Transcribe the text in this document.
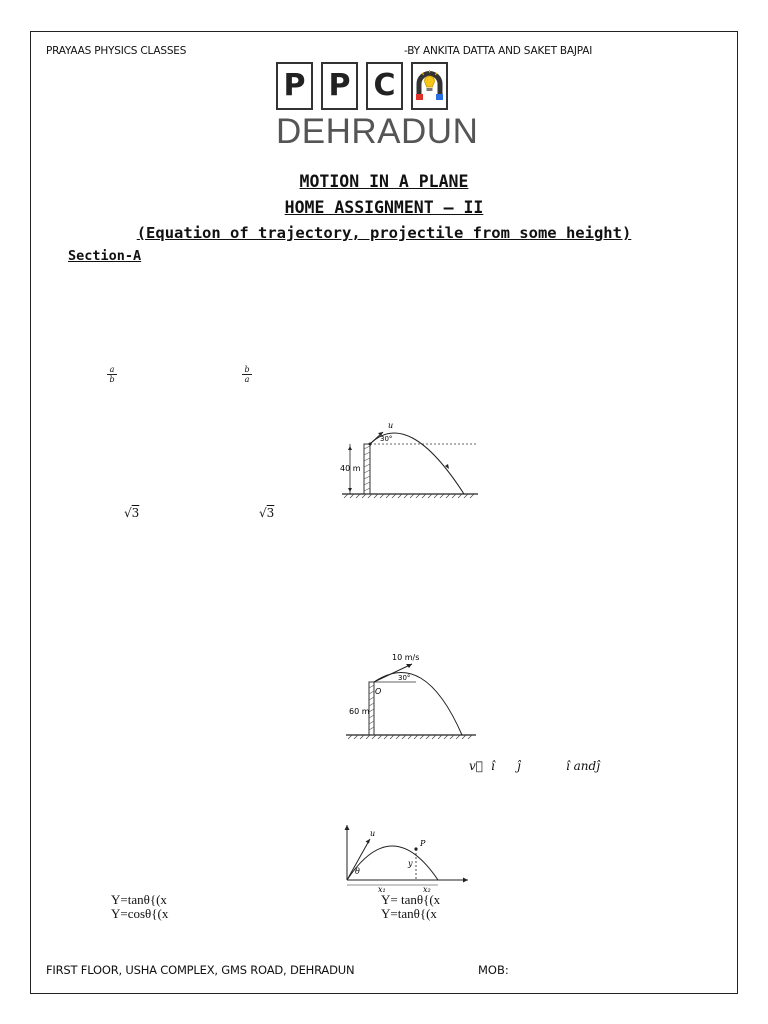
PRAYAAS PHYSICS CLASSES	-BY ANKITA DATTA AND SAKET BAJPAI
P P C
DEHRADUN
MOTION IN A PLANE
HOME ASSIGNMENT – II
(Equation of trajectory, projectile from some height)
Section-A
$\frac{a}{b}$	$\frac{b}{a}$
40 m
u
30°
√3	√3
60 m
O
10 m/s
30°
v⃗ î ĵ	î andĵ
u
θ
P
y
x₁	x₂
Y=tanθ{(x	Y= tanθ{(x
Y=cosθ{(x	Y=tanθ{(x
FIRST FLOOR, USHA COMPLEX, GMS ROAD, DEHRADUN	MOB:
